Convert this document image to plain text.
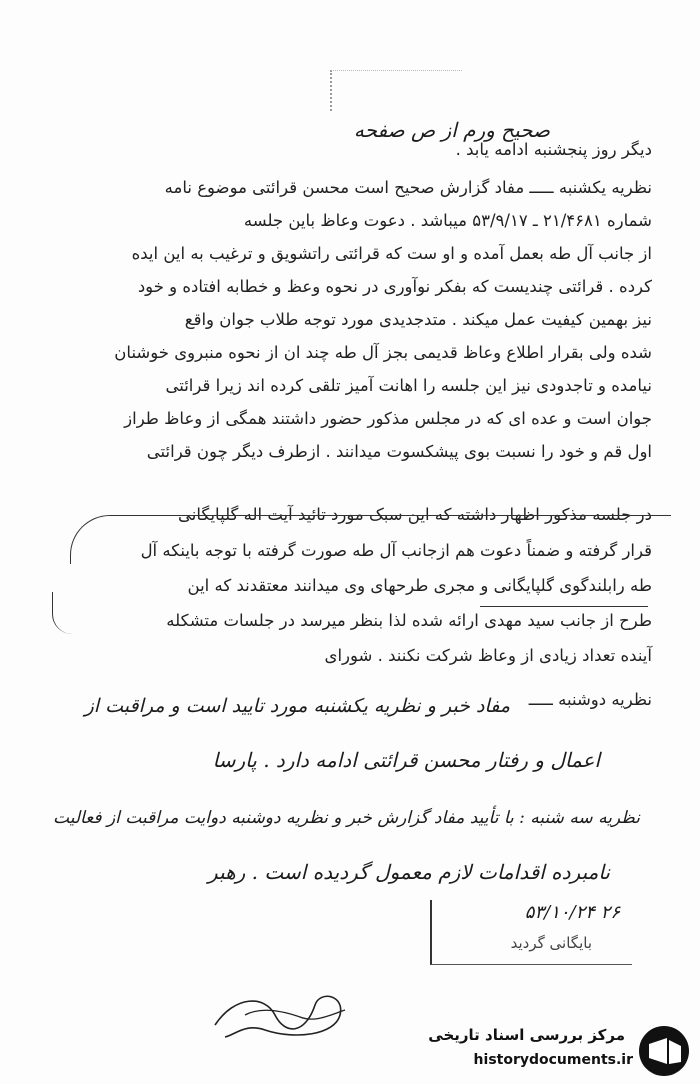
صحیح ورم از ص صفحه
دیگر روز پنجشنبه ادامه یابد .
نظریه یکشنبه ـــــ مفاد گزارش صحیح است محسن قرائتی موضوع نامه
شماره ۲۱/۴۶۸۱ ـ ۵۳/۹/۱۷ میباشد . دعوت وعاظ باین جلسه
از جانب آل طه بعمل آمده و او ست که قرائتی راتشویق و ترغیب به این ایده
کرده . قرائتی چندیست که بفکر نوآوری در نحوه وعظ و خطابه افتاده و خود
نیز بهمین کیفیت عمل میکند . متدجدیدی مورد توجه طلاب جوان واقع
شده ولی بقرار اطلاع وعاظ قدیمی بجز آل طه چند ان از نحوه منبروی خوشنان
نیامده و تاجدودی نیز این جلسه را اهانت آمیز تلقی کرده اند زیرا قرائتی
جوان است و عده ای که در مجلس مذکور حضور داشتند همگی از وعاظ طراز
اول قم و خود را نسبت بوی پیشکسوت میدانند . ازطرف دیگر چون قرائتی
در جلسه مذکور اظهار داشته که این سبک مورد تائید آیت اله گلپایگانی
قرار گرفته و ضمناً دعوت هم ازجانب آل طه صورت گرفته با توجه باینکه آل
طه رابلندگوی گلپایگانی و مجری طرحهای وی میدانند معتقدند که این
طرح از جانب سید مهدی ارائه شده لذا بنظر میرسد در جلسات متشکله
آینده تعداد زیادی از وعاظ شرکت نکنند . شورای
نظریه دوشنبه ـــــ
مفاد خبر و نظریه یکشنبه مورد تایید است و مراقبت از
اعمال و رفتار محسن قرائتی ادامه دارد . پارسا
نظریه سه شنبه : با تأیید مفاد گزارش خبر و نظریه دوشنبه دوایت مراقبت از فعالیت
نامبرده اقدامات لازم معمول گردیده است . رهبر
۵۳/۱۰/۲۴ ۲۶
بایگانی گردید
مرکز بررسی اسناد تاریخی
historydocuments.ir
